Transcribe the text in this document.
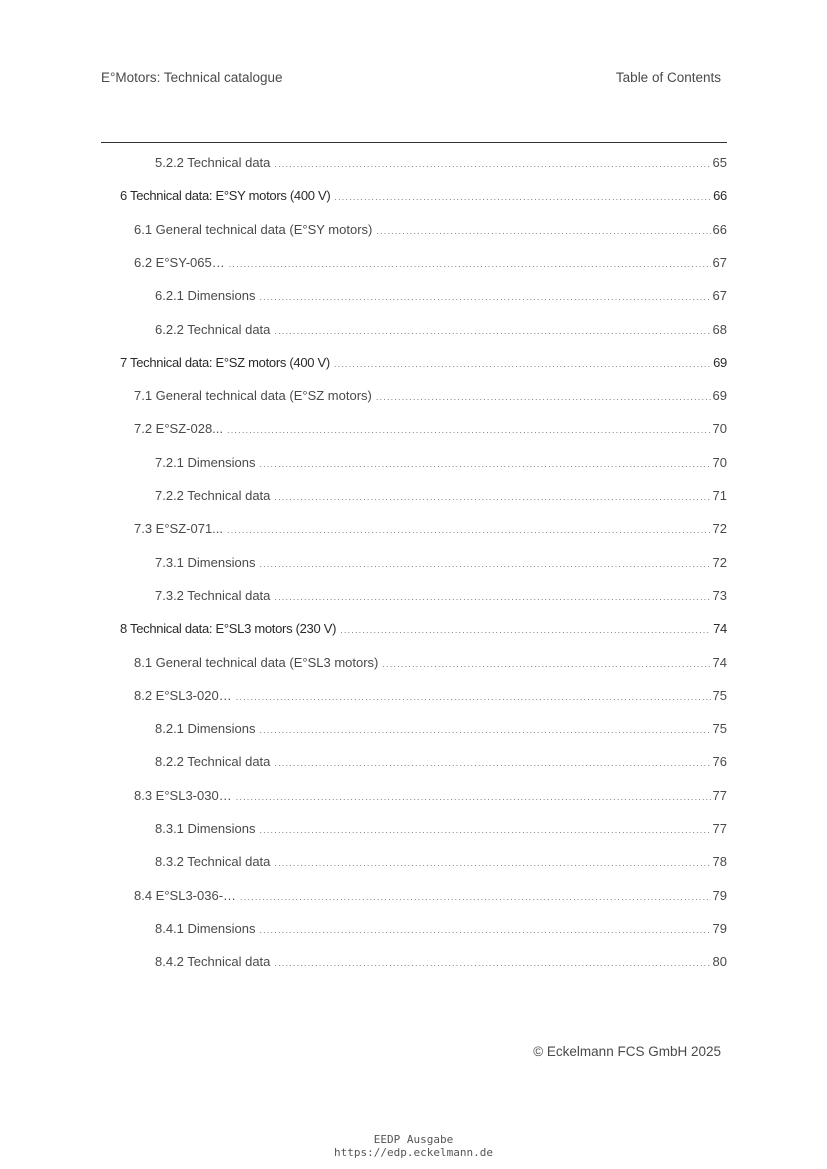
E°Motors: Technical catalogue	Table of Contents
5.2.2 Technical data .....	65
6 Technical data: E°SY motors (400 V) .....	66
6.1 General technical data (E°SY motors) .....	66
6.2 E°SY-065… .....	67
6.2.1 Dimensions .....	67
6.2.2 Technical data .....	68
7 Technical data: E°SZ motors (400 V) .....	69
7.1 General technical data (E°SZ motors) .....	69
7.2 E°SZ-028... .....	70
7.2.1 Dimensions .....	70
7.2.2 Technical data .....	71
7.3 E°SZ-071... .....	72
7.3.1 Dimensions .....	72
7.3.2 Technical data .....	73
8 Technical data: E°SL3 motors (230 V) .....	74
8.1 General technical data (E°SL3 motors) .....	74
8.2 E°SL3-020… .....	75
8.2.1 Dimensions .....	75
8.2.2 Technical data .....	76
8.3 E°SL3-030… .....	77
8.3.1 Dimensions .....	77
8.3.2 Technical data .....	78
8.4 E°SL3-036-… .....	79
8.4.1 Dimensions .....	79
8.4.2 Technical data .....	80
© Eckelmann FCS GmbH 2025
EEDP Ausgabe
https://edp.eckelmann.de
